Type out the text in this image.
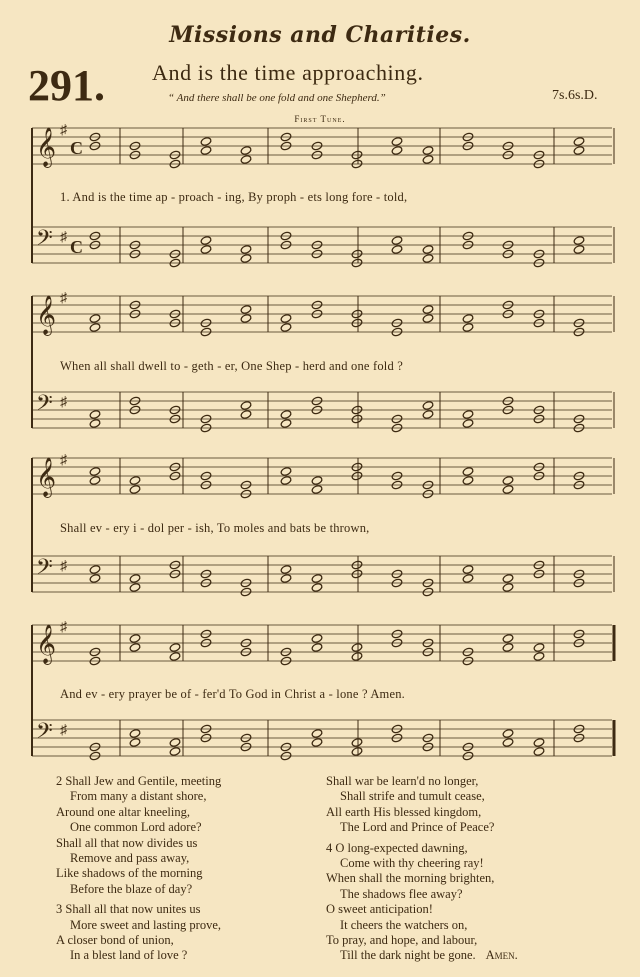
Missions and Charities.
291. And is the time approaching.
“ And there shall be one fold and one Shepherd.”	7s.6s.D.
First Tune.
𝄞 ♯
C
𝄢 ♯ C
𝄞 ♯
𝄢 ♯
𝄞 ♯
𝄢 ♯
𝄞 ♯
𝄢 ♯
1. And is the time ap - proach - ing, By proph - ets long fore - told,
When all shall dwell to - geth - er, One Shep - herd and one fold ?
Shall ev - ery i - dol per - ish, To moles and bats be thrown,
And ev - ery prayer be of - fer'd To God in Christ a - lone ? Amen.
2 Shall Jew and Gentile, meeting
From many a distant shore,
Around one altar kneeling,
One common Lord adore?
Shall all that now divides us
Remove and pass away,
Like shadows of the morning
Before the blaze of day?
3 Shall all that now unites us
More sweet and lasting prove,
A closer bond of union,
In a blest land of love ?
Shall war be learn'd no longer,
Shall strife and tumult cease,
All earth His blessed kingdom,
The Lord and Prince of Peace?
4 O long-expected dawning,
Come with thy cheering ray!
When shall the morning brighten,
The shadows flee away?
O sweet anticipation!
It cheers the watchers on,
To pray, and hope, and labour,
Till the dark night be gone. Amen.
